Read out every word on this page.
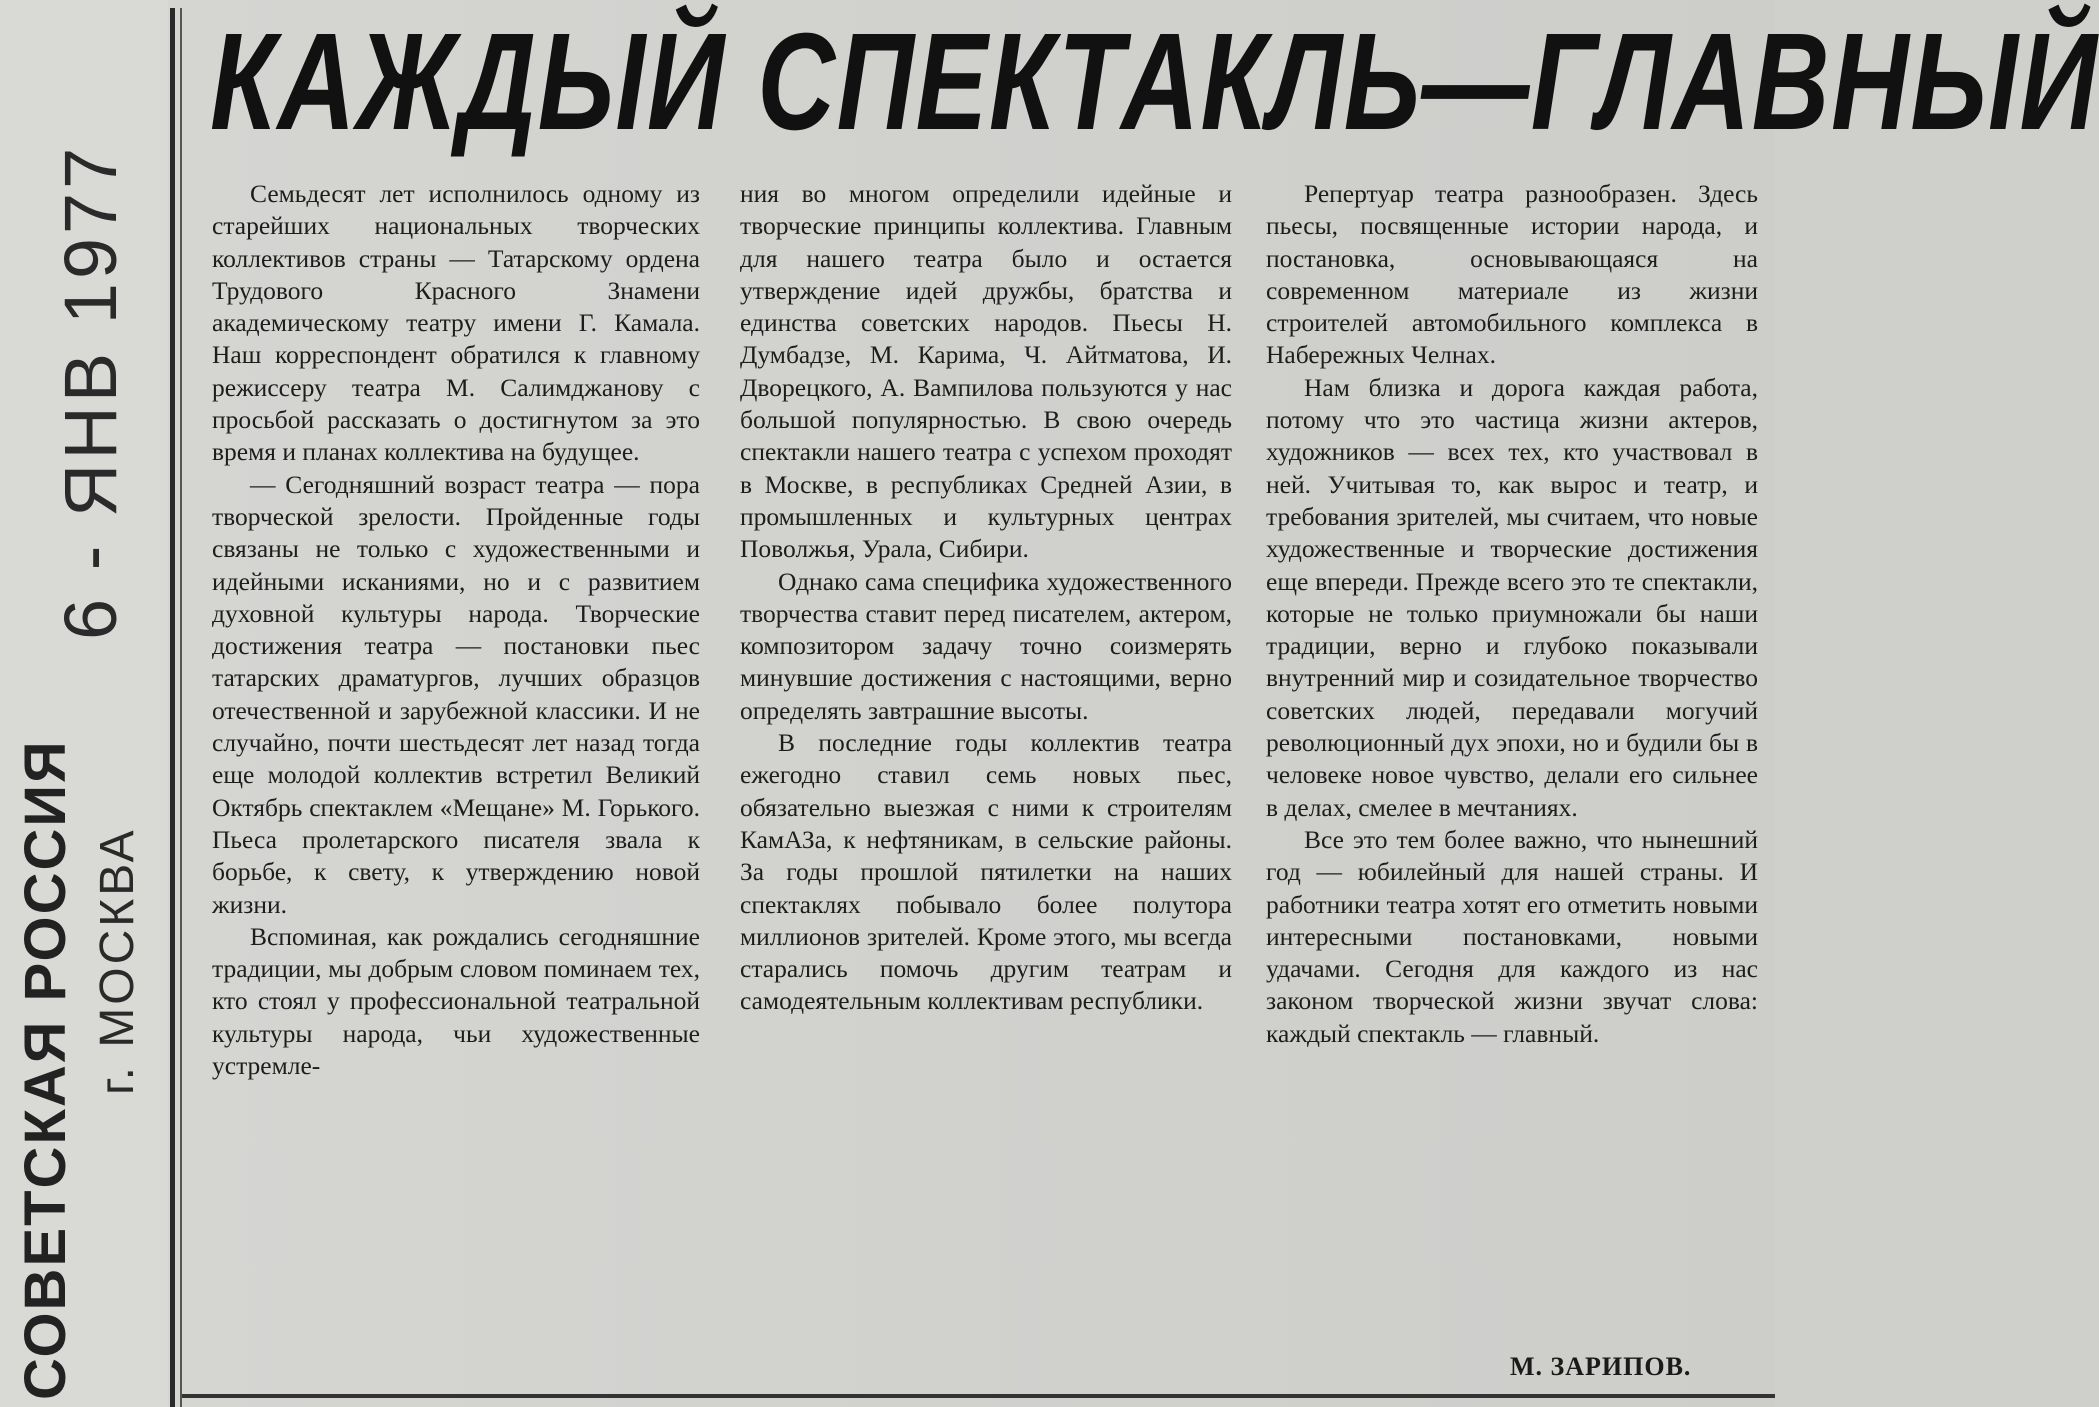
6 - ЯНВ 1977
СОВЕТСКАЯ РОССИЯ г. МОСКВА
КАЖДЫЙ СПЕКТАКЛЬ—ГЛАВНЫЙ

Семьдесят лет исполнилось одному из старейших национальных творческих коллективов страны — Татарскому ордена Трудового Красного Знамени академическому театру имени Г. Камала. Наш корреспондент обратился к главному режиссеру театра М. Салимджанову с просьбой рассказать о достигнутом за это время и планах коллектива на будущее.

— Сегодняшний возраст театра — пора творческой зрелости. Пройденные годы связаны не только с художественными и идейными исканиями, но и с развитием духовной культуры народа. Творческие достижения театра — постановки пьес татарских драматургов, лучших образцов отечественной и зарубежной классики. И не случайно, почти шестьдесят лет назад тогда еще молодой коллектив встретил Великий Октябрь спектаклем «Мещане» М. Горького. Пьеса пролетарского писателя звала к борьбе, к свету, к утверждению новой жизни.

Вспоминая, как рождались сегодняшние традиции, мы добрым словом поминаем тех, кто стоял у профессиональной театральной культуры народа, чьи художественные устремле-

ния во многом определили идейные и творческие принципы коллектива. Главным для нашего театра было и остается утверждение идей дружбы, братства и единства советских народов. Пьесы Н. Думбадзе, М. Карима, Ч. Айтматова, И. Дворецкого, А. Вампилова пользуются у нас большой популярностью. В свою очередь спектакли нашего театра с успехом проходят в Москве, в республиках Средней Азии, в промышленных и культурных центрах Поволжья, Урала, Сибири.

Однако сама специфика художественного творчества ставит перед писателем, актером, композитором задачу точно соизмерять минувшие достижения с настоящими, верно определять завтрашние высоты.

В последние годы коллектив театра ежегодно ставил семь новых пьес, обязательно выезжая с ними к строителям КамАЗа, к нефтяникам, в сельские районы. За годы прошлой пятилетки на наших спектаклях побывало более полутора миллионов зрителей. Кроме этого, мы всегда старались помочь другим театрам и самодеятельным коллективам республики.

Репертуар театра разнообразен. Здесь пьесы, посвященные истории народа, и постановка, основывающаяся на современном материале из жизни строителей автомобильного комплекса в Набережных Челнах.

Нам близка и дорога каждая работа, потому что это частица жизни актеров, художников — всех тех, кто участвовал в ней. Учитывая то, как вырос и театр, и требования зрителей, мы считаем, что новые художественные и творческие достижения еще впереди. Прежде всего это те спектакли, которые не только приумножали бы наши традиции, верно и глубоко показывали внутренний мир и созидательное творчество советских людей, передавали могучий революционный дух эпохи, но и будили бы в человеке новое чувство, делали его сильнее в делах, смелее в мечтаниях.

Все это тем более важно, что нынешний год — юбилейный для нашей страны. И работники театра хотят его отметить новыми интересными постановками, новыми удачами. Сегодня для каждого из нас законом творческой жизни звучат слова: каждый спектакль — главный.

М. ЗАРИПОВ.
